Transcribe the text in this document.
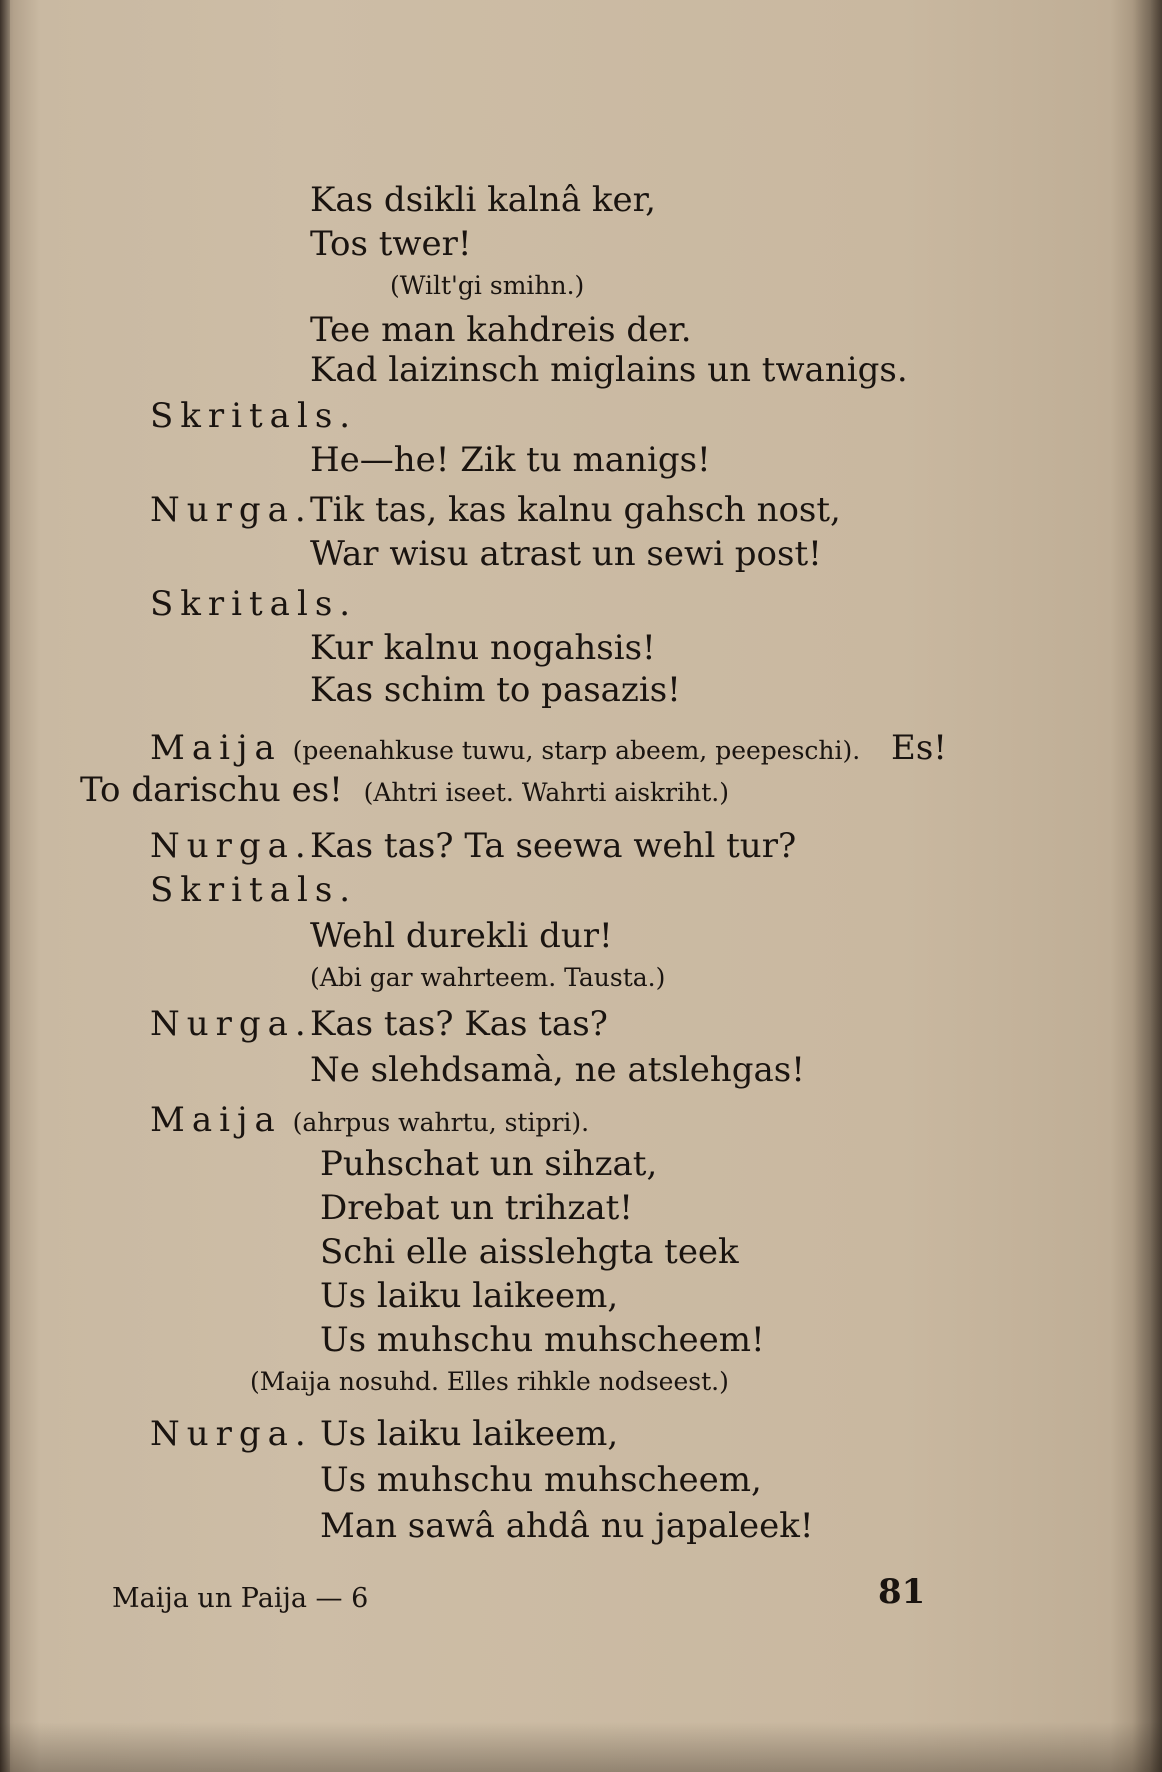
Kas dsikli kalnâ ker,
Tos twer!
(Wilt'gi smihn.)
Tee man kahdreis der.
Kad laizinsch miglains un twanigs.
Skritals.
He—he! Zik tu manigs!
Nurga.
Tik tas, kas kalnu gahsch nost,
War wisu atrast un sewi post!
Skritals.
Kur kalnu nogahsis!
Kas schim to pasazis!
Maija (peenahkuse tuwu, starp abeem, peepeschi). Es!
To darischu es! (Ahtri iseet. Wahrti aiskriht.)
Nurga.
Kas tas? Ta seewa wehl tur?
Skritals.
Wehl durekli dur!
(Abi gar wahrteem. Tausta.)
Nurga.
Kas tas? Kas tas?
Ne slehdsamà, ne atslehgas!
Maija (ahrpus wahrtu, stipri).
Puhschat un sihzat,
Drebat un trihzat!
Schi elle aisslehgta teek
Us laiku laikeem,
Us muhschu muhscheem!
(Maija nosuhd. Elles rihkle nodseest.)
Nurga. Us laiku laikeem,
Us muhschu muhscheem,
Man sawâ ahdâ nu japaleek!
Maija un Paija — 6	81
